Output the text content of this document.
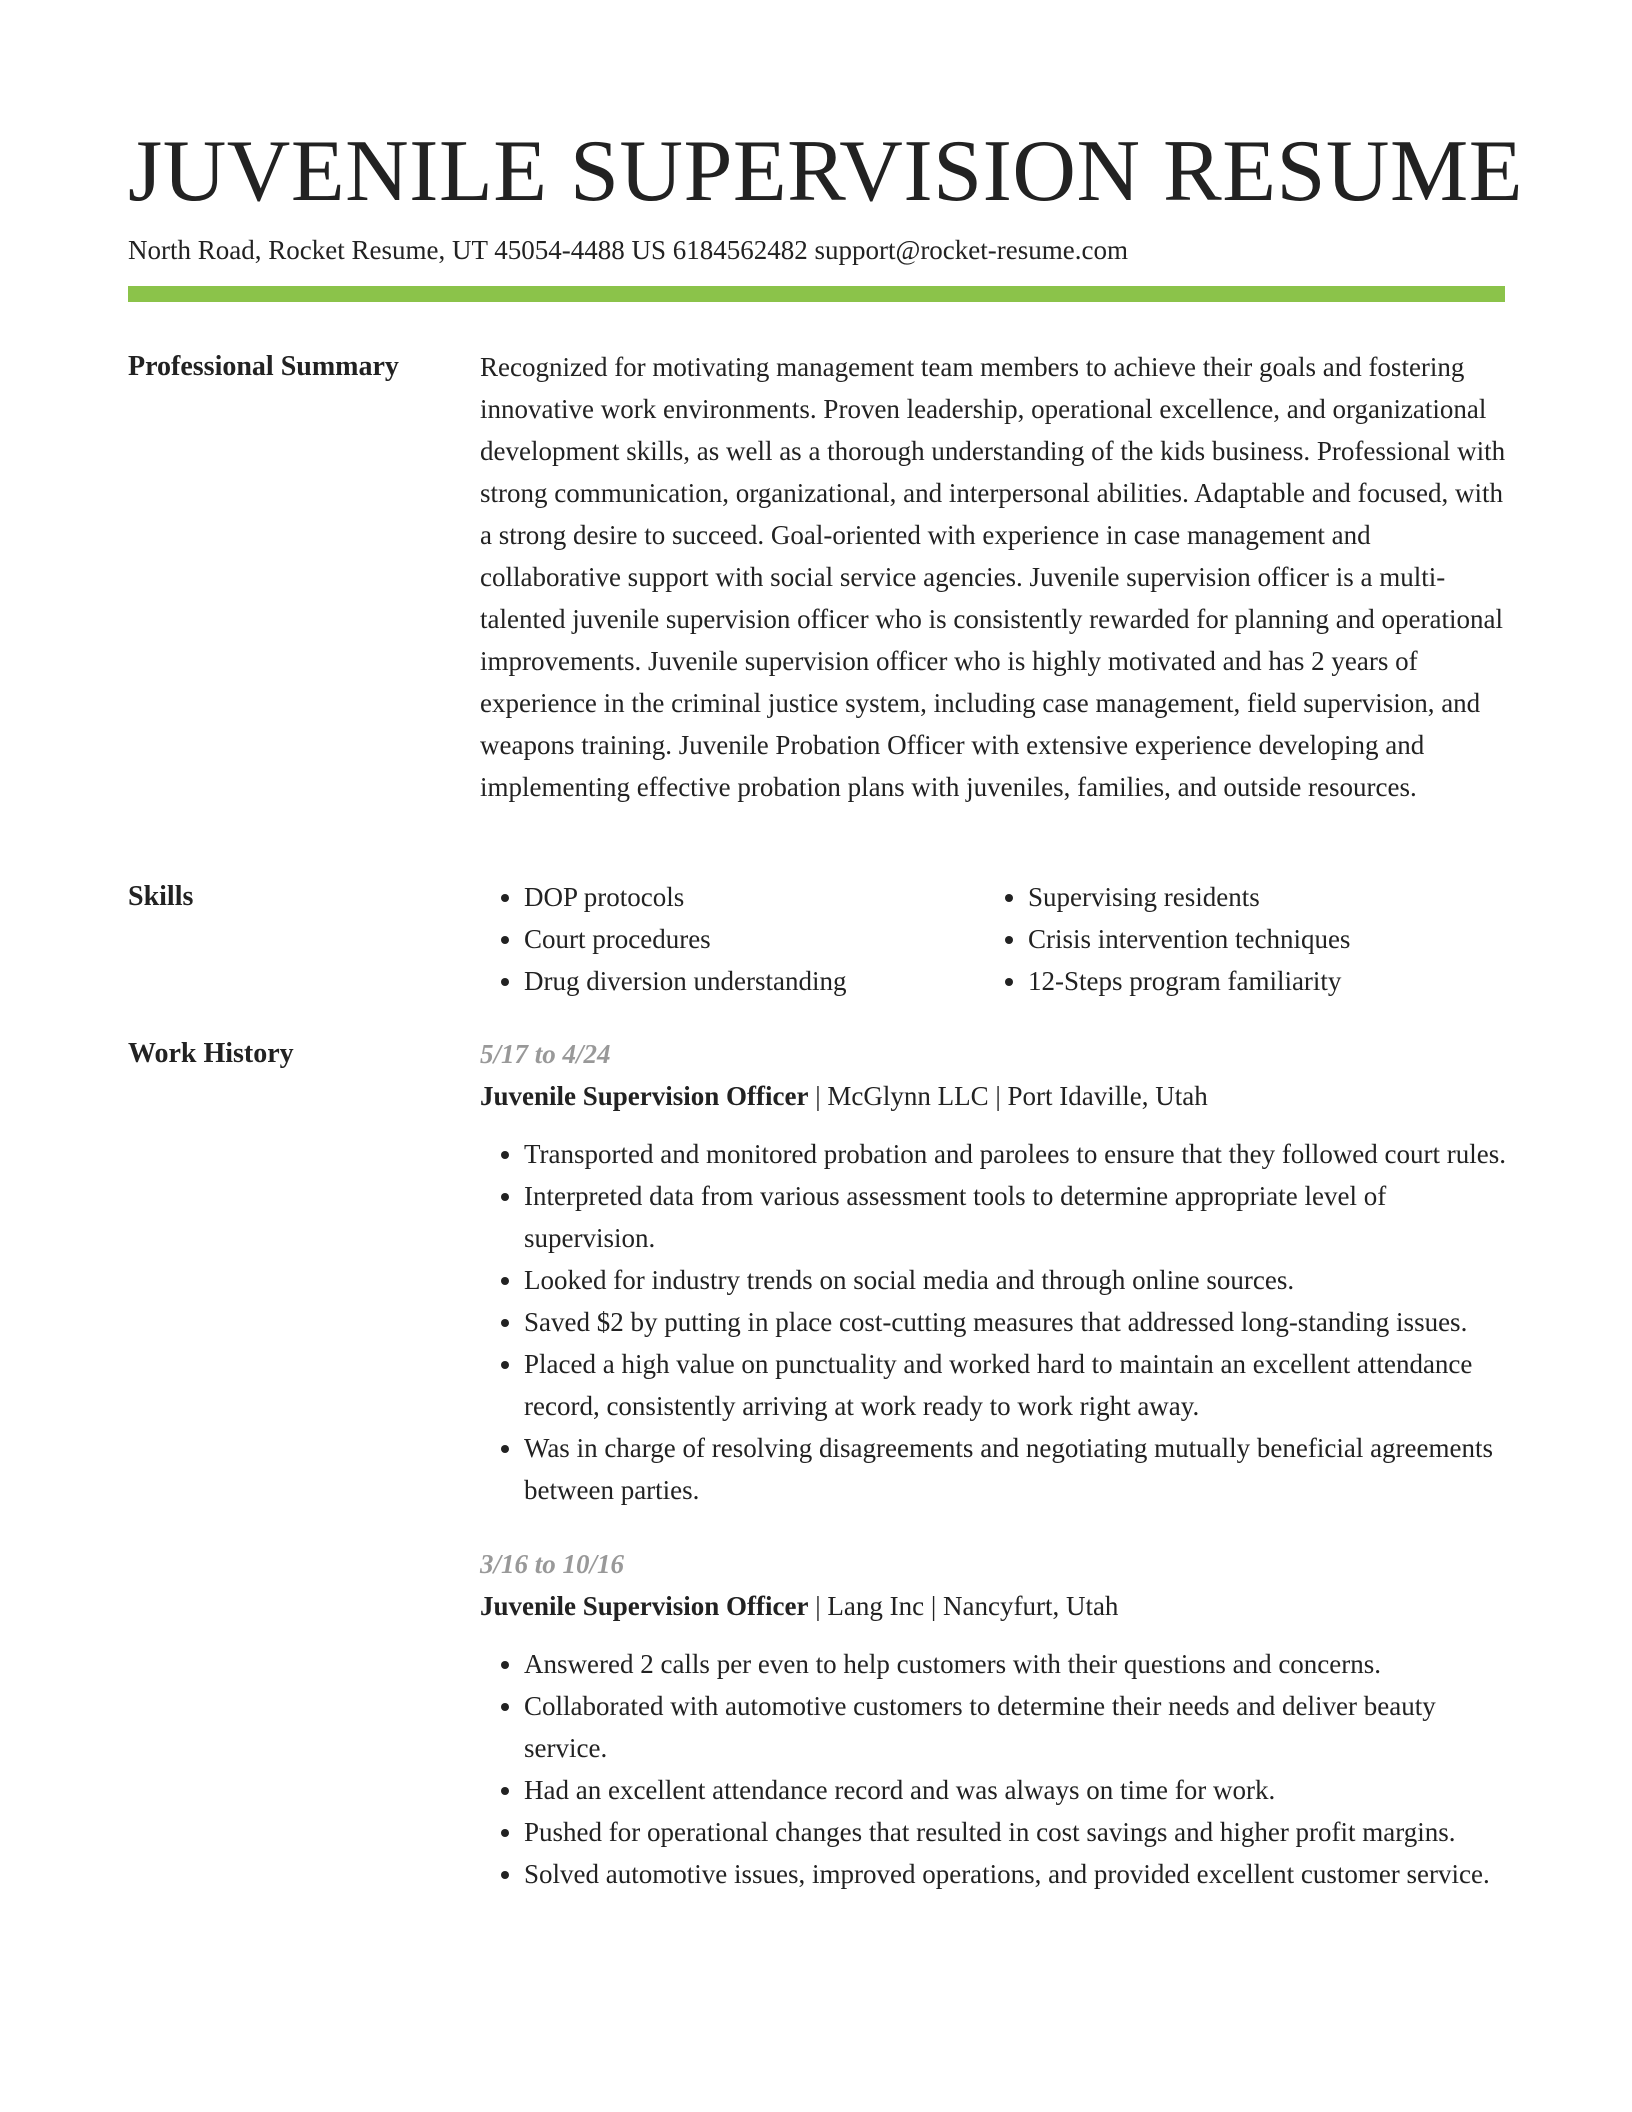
JUVENILE SUPERVISION RESUME
North Road, Rocket Resume, UT 45054-4488 US 6184562482 support@rocket-resume.com
Professional Summary	Recognized for motivating management team members to achieve their goals and fostering innovative work environments. Proven leadership, operational excellence, and organizational development skills, as well as a thorough understanding of the kids business. Professional with strong communication, organizational, and interpersonal abilities. Adaptable and focused, with a strong desire to succeed. Goal-oriented with experience in case management and collaborative support with social service agencies. Juvenile supervision officer is a multi-talented juvenile supervision officer who is consistently rewarded for planning and operational improvements. Juvenile supervision officer who is highly motivated and has 2 years of experience in the criminal justice system, including case management, field supervision, and weapons training. Juvenile Probation Officer with extensive experience developing and implementing effective probation plans with juveniles, families, and outside resources.

Skills
•	DOP protocols
• Court procedures
• Drug diversion understanding
• Supervising residents
• Crisis intervention techniques
• 12-Steps program familiarity
Work History	5/17 to 4/24
Juvenile Supervision Officer | McGlynn LLC | Port Idaville, Utah
• Transported and monitored probation and parolees to ensure that they followed court rules.
• Interpreted data from various assessment tools to determine appropriate level of supervision.
• Looked for industry trends on social media and through online sources.
• Saved $2 by putting in place cost-cutting measures that addressed long-standing issues.
• Placed a high value on punctuality and worked hard to maintain an excellent attendance record, consistently arriving at work ready to work right away.
• Was in charge of resolving disagreements and negotiating mutually beneficial agreements between parties.
3/16 to 10/16
Juvenile Supervision Officer | Lang Inc | Nancyfurt, Utah
• Answered 2 calls per even to help customers with their questions and concerns.
• Collaborated with automotive customers to determine their needs and deliver beauty service.
• Had an excellent attendance record and was always on time for work.
• Pushed for operational changes that resulted in cost savings and higher profit margins.
• Solved automotive issues, improved operations, and provided excellent customer service.
